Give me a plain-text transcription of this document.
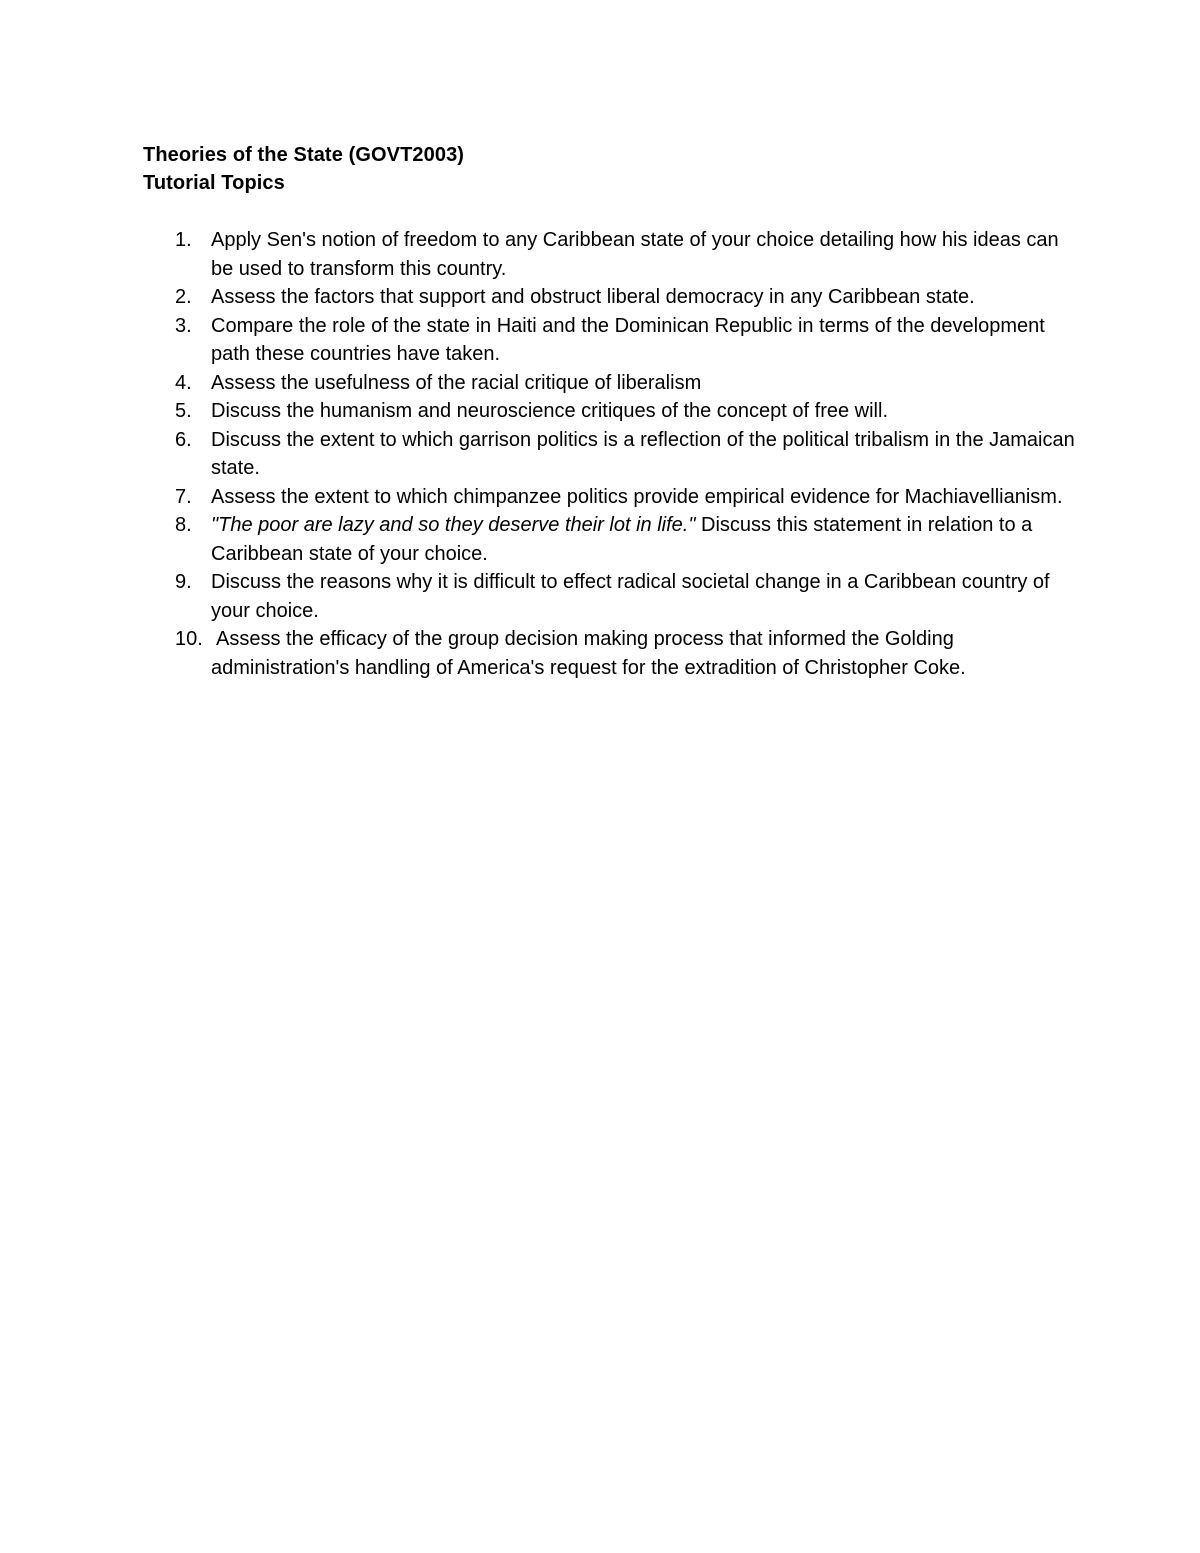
Theories of the State (GOVT2003)
Tutorial Topics
1. Apply Sen's notion of freedom to any Caribbean state of your choice detailing how his ideas can be used to transform this country.
2. Assess the factors that support and obstruct liberal democracy in any Caribbean state.
3. Compare the role of the state in Haiti and the Dominican Republic in terms of the development path these countries have taken.
4. Assess the usefulness of the racial critique of liberalism
5. Discuss the humanism and neuroscience critiques of the concept of free will.
6. Discuss the extent to which garrison politics is a reflection of the political tribalism in the Jamaican state.
7. Assess the extent to which chimpanzee politics provide empirical evidence for Machiavellianism.
8. "The poor are lazy and so they deserve their lot in life." Discuss this statement in relation to a Caribbean state of your choice.
9. Discuss the reasons why it is difficult to effect radical societal change in a Caribbean country of your choice.
10. Assess the efficacy of the group decision making process that informed the Golding administration's handling of America's request for the extradition of Christopher Coke.
